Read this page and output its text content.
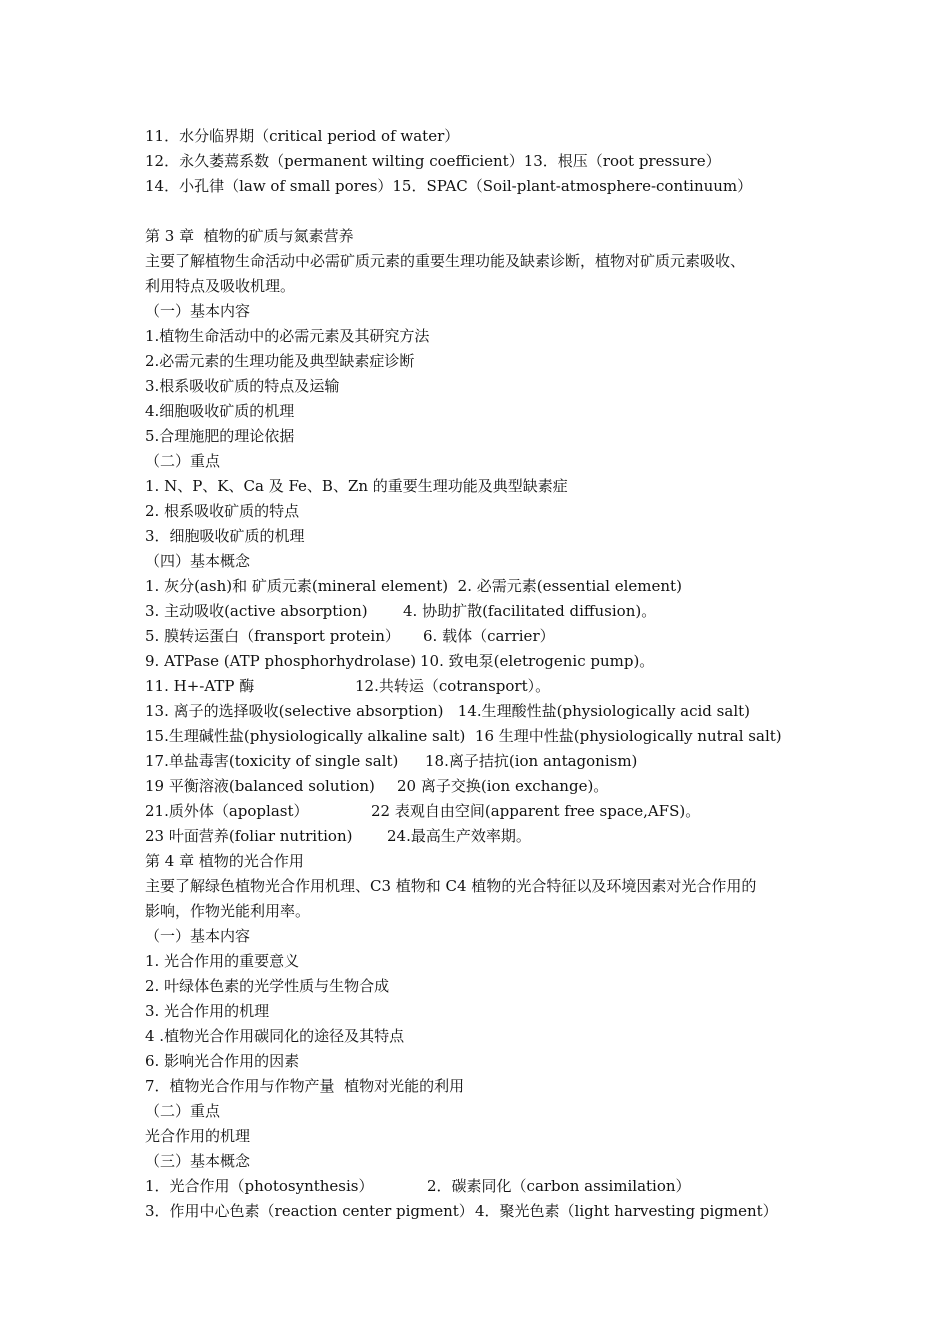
11．水分临界期（critical period of water）
12．永久萎蔫系数（permanent wilting coefficient）13．根压（root pressure）
14．小孔律（law of small pores）15．SPAC（Soil-plant-atmosphere-continuum）
第 3 章  植物的矿质与氮素营养
主要了解植物生命活动中必需矿质元素的重要生理功能及缺素诊断，植物对矿质元素吸收、
利用特点及吸收机理。
（一）基本内容
1.植物生命活动中的必需元素及其研究方法
2.必需元素的生理功能及典型缺素症诊断
3.根系吸收矿质的特点及运输
4.细胞吸收矿质的机理
5.合理施肥的理论依据
（二）重点
1. N、P、K、Ca 及 Fe、B、Zn 的重要生理功能及典型缺素症
2. 根系吸收矿质的特点
3．细胞吸收矿质的机理
（四）基本概念
1. 灰分(ash)和 矿质元素(mineral element)  2. 必需元素(essential element)

3. 主动吸收(active absorption)

4. 协助扩散(facilitated diffusion)。

5. 膜转运蛋白（fransport protein）

6. 载体（carrier）

9. ATPase (ATP phosphorhydrolase)

10. 致电泵(eletrogenic pump)。

11. H+-ATP 酶

	12.共转运（cotransport）。

13. 离子的选择吸收(selective absorption)   14.生理酸性盐(physiologically acid salt)
15.生理碱性盐(physiologically alkaline salt)  16 生理中性盐(physiologically nutral salt)

17.单盐毒害(toxicity of single salt)

18.离子拮抗(ion antagonism)

19 平衡溶液(balanced solution)

20 离子交换(ion exchange)。

21.质外体（apoplast）

	22 表观自由空间(apparent free space,AFS)。

23 叶面营养(foliar nutrition)

24.最高生产效率期。

第 4 章 植物的光合作用
主要了解绿色植物光合作用机理、C3 植物和 C4 植物的光合特征以及环境因素对光合作用的
影响，作物光能利用率。
（一）基本内容
1. 光合作用的重要意义
2. 叶绿体色素的光学性质与生物合成
3. 光合作用的机理
4 .植物光合作用碳同化的途径及其特点
6. 影响光合作用的因素
7．植物光合作用与作物产量  植物对光能的利用
（二）重点
光合作用的机理
（三）基本概念

1．光合作用（photosynthesis）

	2．碳素同化（carbon assimilation）

3．作用中心色素（reaction center pigment）

4．聚光色素（light harvesting pigment）
